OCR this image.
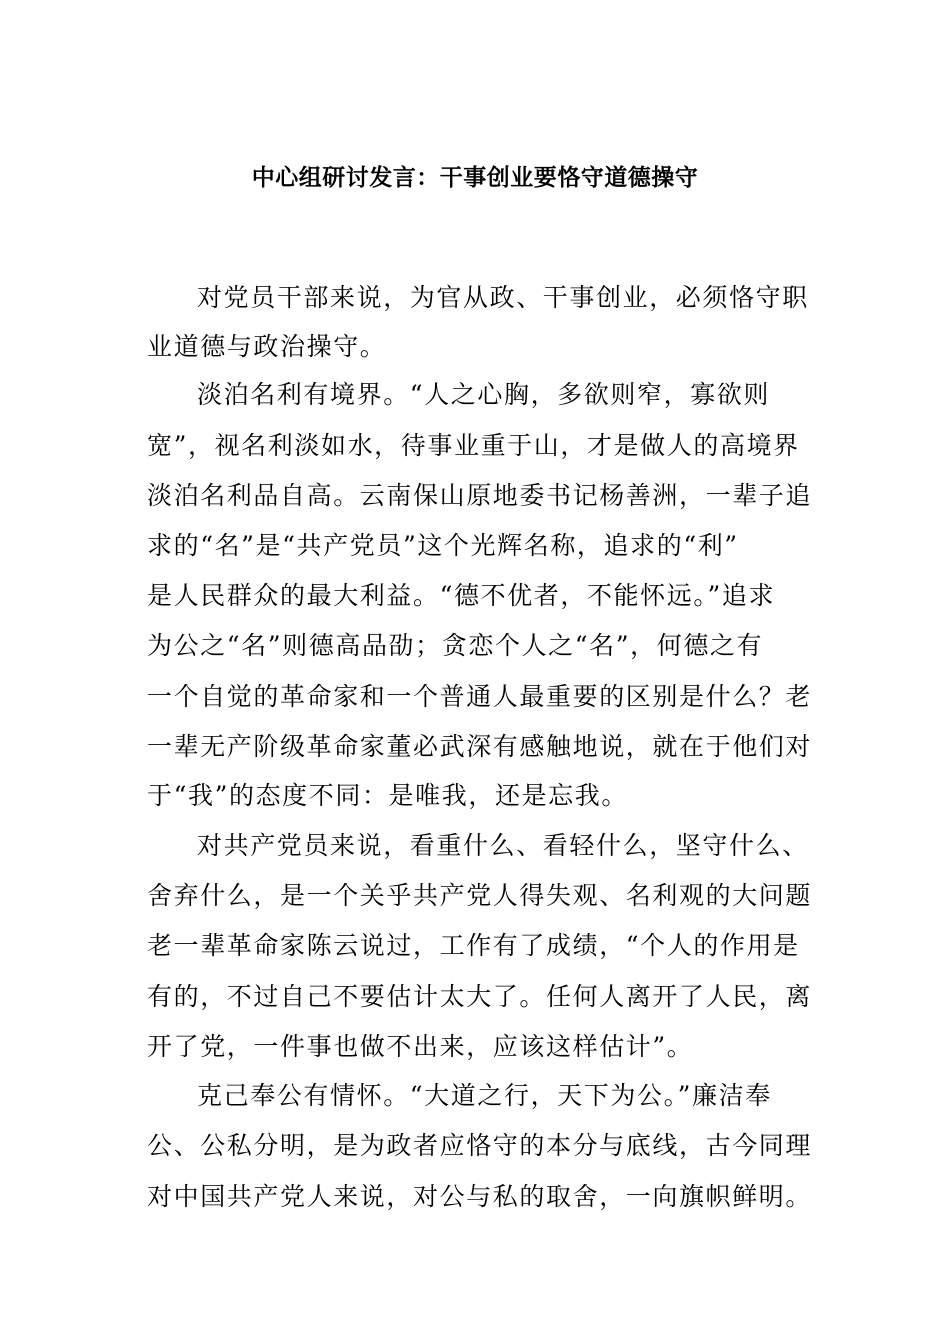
中心组研讨发言：干事创业要恪守道德操守
对党员干部来说，为官从政、干事创业，必须恪守职
业道德与政治操守。
淡泊名利有境界。“人之心胸，多欲则窄，寡欲则
宽”，视名利淡如水，待事业重于山，才是做人的高境界
淡泊名利品自高。云南保山原地委书记杨善洲，一辈子追
求的“名”是“共产党员”这个光辉名称，追求的“利”
是人民群众的最大利益。“德不优者，不能怀远。”追求
为公之“名”则德高品劭；贪恋个人之“名”，何德之有
一个自觉的革命家和一个普通人最重要的区别是什么？老
一辈无产阶级革命家董必武深有感触地说，就在于他们对
于“我”的态度不同：是唯我，还是忘我。
对共产党员来说，看重什么、看轻什么，坚守什么、
舍弃什么，是一个关乎共产党人得失观、名利观的大问题
老一辈革命家陈云说过，工作有了成绩，“个人的作用是
有的，不过自己不要估计太大了。任何人离开了人民，离
开了党，一件事也做不出来，应该这样估计”。
克己奉公有情怀。“大道之行，天下为公。”廉洁奉
公、公私分明，是为政者应恪守的本分与底线，古今同理
对中国共产党人来说，对公与私的取舍，一向旗帜鲜明。
